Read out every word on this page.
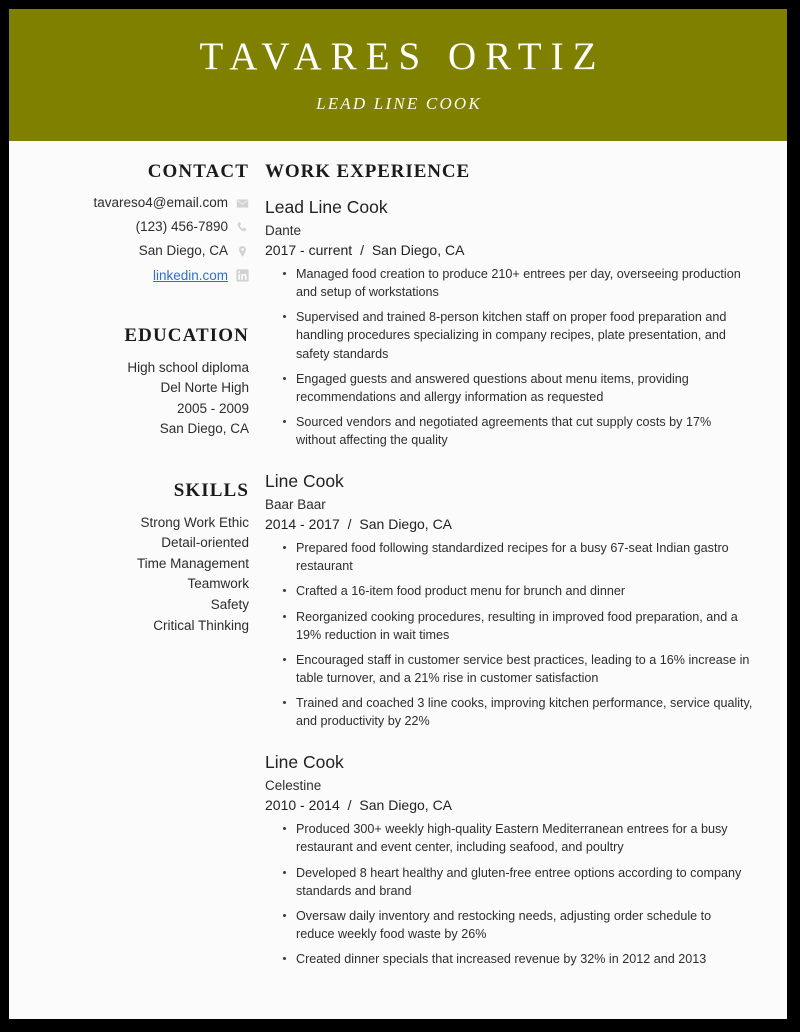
TAVARES ORTIZ
LEAD LINE COOK
CONTACT
tavareso4@email.com
(123) 456-7890
San Diego, CA
linkedin.com
EDUCATION
High school diploma
Del Norte High
2005 - 2009
San Diego, CA
SKILLS
Strong Work Ethic
Detail-oriented
Time Management
Teamwork
Safety
Critical Thinking
WORK EXPERIENCE
Lead Line Cook
Dante
2017 - current / San Diego, CA
Managed food creation to produce 210+ entrees per day, overseeing production and setup of workstations
Supervised and trained 8-person kitchen staff on proper food preparation and handling procedures specializing in company recipes, plate presentation, and safety standards
Engaged guests and answered questions about menu items, providing recommendations and allergy information as requested
Sourced vendors and negotiated agreements that cut supply costs by 17% without affecting the quality
Line Cook
Baar Baar
2014 - 2017 / San Diego, CA
Prepared food following standardized recipes for a busy 67-seat Indian gastro restaurant
Crafted a 16-item food product menu for brunch and dinner
Reorganized cooking procedures, resulting in improved food preparation, and a 19% reduction in wait times
Encouraged staff in customer service best practices, leading to a 16% increase in table turnover, and a 21% rise in customer satisfaction
Trained and coached 3 line cooks, improving kitchen performance, service quality, and productivity by 22%
Line Cook
Celestine
2010 - 2014 / San Diego, CA
Produced 300+ weekly high-quality Eastern Mediterranean entrees for a busy restaurant and event center, including seafood, and poultry
Developed 8 heart healthy and gluten-free entree options according to company standards and brand
Oversaw daily inventory and restocking needs, adjusting order schedule to reduce weekly food waste by 26%
Created dinner specials that increased revenue by 32% in 2012 and 2013
